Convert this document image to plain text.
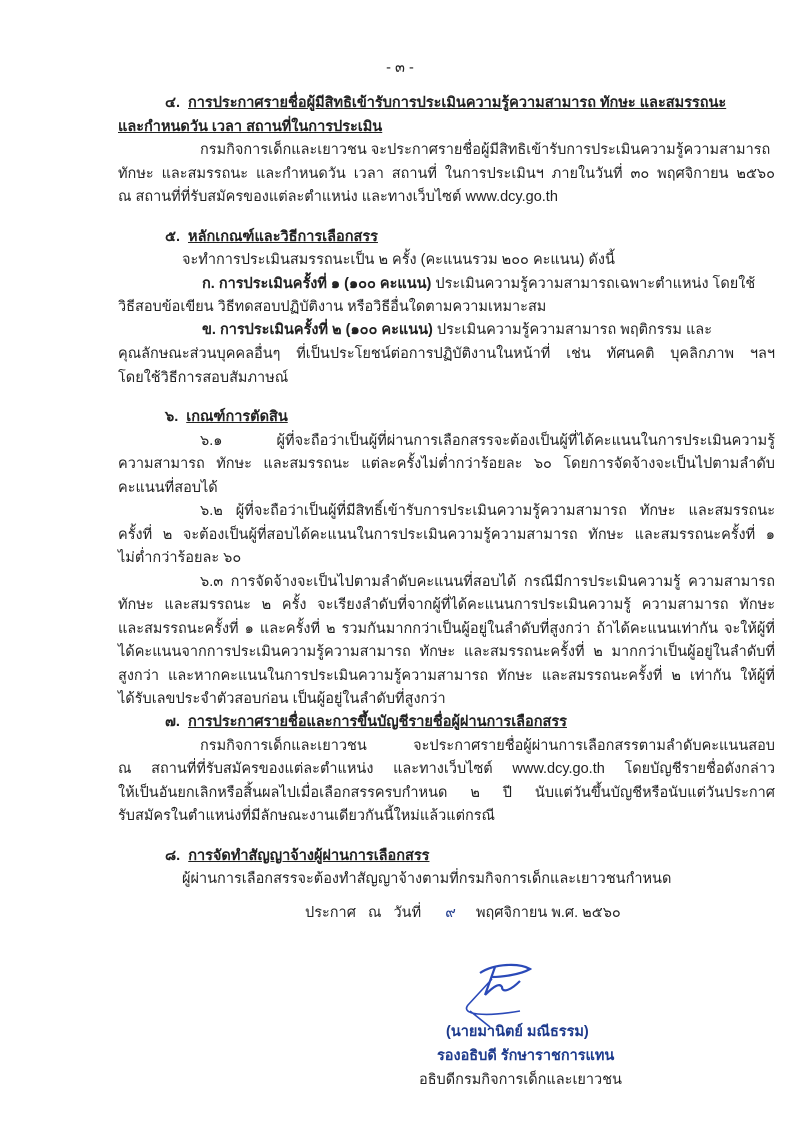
- ๓ -
๔. การประกาศรายชื่อผู้มีสิทธิเข้ารับการประเมินความรู้ความสามารถ ทักษะ และสมรรถนะ
และกำหนดวัน เวลา สถานที่ในการประเมิน
กรมกิจการเด็กและเยาวชน จะประกาศรายชื่อผู้มีสิทธิเข้ารับการประเมินความรู้ความสามารถ
ทักษะ และสมรรถนะ และกำหนดวัน เวลา สถานที่ ในการประเมินฯ ภายในวันที่ ๓๐ พฤศจิกายน ๒๕๖๐
ณ สถานที่ที่รับสมัครของแต่ละตำแหน่ง และทางเว็บไซต์ www.dcy.go.th
๕. หลักเกณฑ์และวิธีการเลือกสรร
จะทำการประเมินสมรรถนะเป็น ๒ ครั้ง (คะแนนรวม ๒๐๐ คะแนน) ดังนี้
ก. การประเมินครั้งที่ ๑ (๑๐๐ คะแนน) ประเมินความรู้ความสามารถเฉพาะตำแหน่ง โดยใช้
วิธีสอบข้อเขียน วิธีทดสอบปฏิบัติงาน หรือวิธีอื่นใดตามความเหมาะสม
ข. การประเมินครั้งที่ ๒ (๑๐๐ คะแนน) ประเมินความรู้ความสามารถ พฤติกรรม และ
คุณลักษณะส่วนบุคคลอื่นๆ ที่เป็นประโยชน์ต่อการปฏิบัติงานในหน้าที่ เช่น ทัศนคติ บุคลิกภาพ ฯลฯ
โดยใช้วิธีการสอบสัมภาษณ์
๖. เกณฑ์การตัดสิน
๖.๑ ผู้ที่จะถือว่าเป็นผู้ที่ผ่านการเลือกสรรจะต้องเป็นผู้ที่ได้คะแนนในการประเมินความรู้
ความสามารถ ทักษะ และสมรรถนะ แต่ละครั้งไม่ต่ำกว่าร้อยละ ๖๐ โดยการจัดจ้างจะเป็นไปตามลำดับ
คะแนนที่สอบได้
๖.๒ ผู้ที่จะถือว่าเป็นผู้ที่มีสิทธิ์เข้ารับการประเมินความรู้ความสามารถ ทักษะ และสมรรถนะ
ครั้งที่ ๒ จะต้องเป็นผู้ที่สอบได้คะแนนในการประเมินความรู้ความสามารถ ทักษะ และสมรรถนะครั้งที่ ๑
ไม่ต่ำกว่าร้อยละ ๖๐
๖.๓ การจัดจ้างจะเป็นไปตามลำดับคะแนนที่สอบได้ กรณีมีการประเมินความรู้ ความสามารถ
ทักษะ และสมรรถนะ ๒ ครั้ง จะเรียงลำดับที่จากผู้ที่ได้คะแนนการประเมินความรู้ ความสามารถ ทักษะ
และสมรรถนะครั้งที่ ๑ และครั้งที่ ๒ รวมกันมากกว่าเป็นผู้อยู่ในลำดับที่สูงกว่า ถ้าได้คะแนนเท่ากัน จะให้ผู้ที่
ได้คะแนนจากการประเมินความรู้ความสามารถ ทักษะ และสมรรถนะครั้งที่ ๒ มากกว่าเป็นผู้อยู่ในลำดับที่
สูงกว่า และหากคะแนนในการประเมินความรู้ความสามารถ ทักษะ และสมรรถนะครั้งที่ ๒ เท่ากัน ให้ผู้ที่
ได้รับเลขประจำตัวสอบก่อน เป็นผู้อยู่ในลำดับที่สูงกว่า
๗. การประกาศรายชื่อและการขึ้นบัญชีรายชื่อผู้ผ่านการเลือกสรร
กรมกิจการเด็กและเยาวชน จะประกาศรายชื่อผู้ผ่านการเลือกสรรตามลำดับคะแนนสอบ
ณ สถานที่ที่รับสมัครของแต่ละตำแหน่ง และทางเว็บไซต์ www.dcy.go.th โดยบัญชีรายชื่อดังกล่าว
ให้เป็นอันยกเลิกหรือสิ้นผลไปเมื่อเลือกสรรครบกำหนด ๒ ปี นับแต่วันขึ้นบัญชีหรือนับแต่วันประกาศ
รับสมัครในตำแหน่งที่มีลักษณะงานเดียวกันนี้ใหม่แล้วแต่กรณี
๘. การจัดทำสัญญาจ้างผู้ผ่านการเลือกสรร
ผู้ผ่านการเลือกสรรจะต้องทำสัญญาจ้างตามที่กรมกิจการเด็กและเยาวชนกำหนด
ประกาศ   ณ   วันที่ ๙ พฤศจิกายน พ.ศ. ๒๕๖๐
(นายมานิตย์ มณีธรรม)
รองอธิบดี รักษาราชการแทน
อธิบดีกรมกิจการเด็กและเยาวชน
